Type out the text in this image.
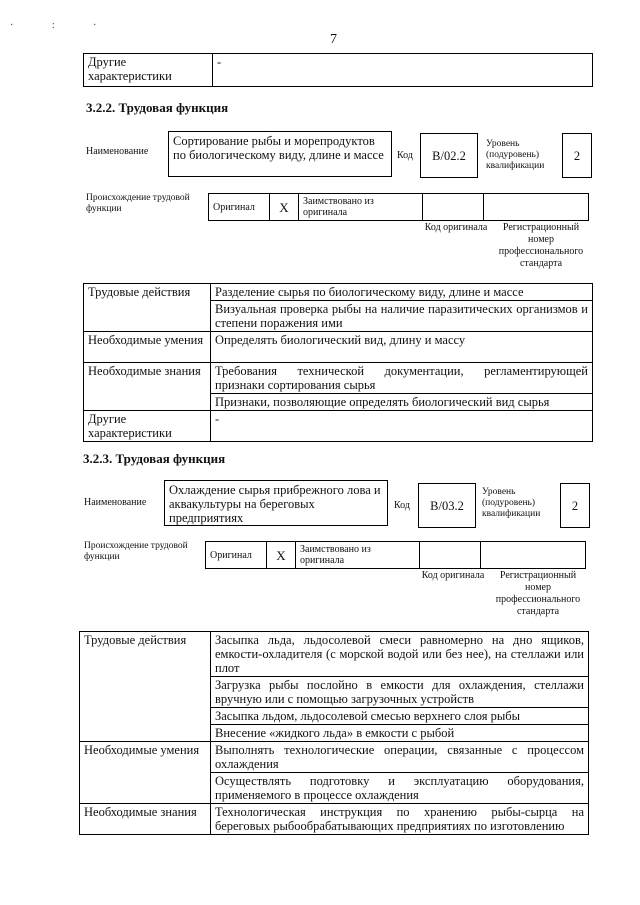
7
· : ·
Другие характеристики	-
3.2.2. Трудовая функция
Наименование
Сортирование рыбы и морепродуктов по биологическому виду, длине и массе	Код	B/02.2
Уровень (подуровень) квалификации
2
Происхождение трудовой функции	Оригинал	X	Заимствовано из оригинала		
Код оригинала	Регистрационный номер профессионального стандарта
Трудовые действия	Разделение сырья по биологическому виду, длине и массе
	Визуальная проверка рыбы на наличие паразитических организмов и степени поражения ими
Необходимые умения	Определять биологический вид, длину и массу
Необходимые знания	Требования технической документации, регламентирующей признаки сортирования сырья
	Признаки, позволяющие определять биологический вид сырья
Другие характеристики	-
3.2.3. Трудовая функция
Наименование
Охлаждение сырья прибрежного лова и аквакультуры на береговых предприятиях
Код	B/03.2
Уровень (подуровень) квалификации
2
Происхождение трудовой функции	Оригинал	X	Заимствовано из оригинала		
Код оригинала	Регистрационный номер профессионального стандарта
Трудовые действия	Засыпка льда, льдосолевой смеси равномерно на дно ящиков, емкости-охладителя (с морской водой или без нее), на стеллажи или плот
	Загрузка рыбы послойно в емкости для охлаждения, стеллажи вручную или с помощью загрузочных устройств
	Засыпка льдом, льдосолевой смесью верхнего слоя рыбы
	Внесение «жидкого льда» в емкости с рыбой
Необходимые умения	Выполнять технологические операции, связанные с процессом охлаждения
	Осуществлять подготовку и эксплуатацию оборудования, применяемого в процессе охлаждения
Необходимые знания	Технологическая инструкция по хранению рыбы-сырца на береговых рыбообрабатывающих предприятиях по изготовлению
